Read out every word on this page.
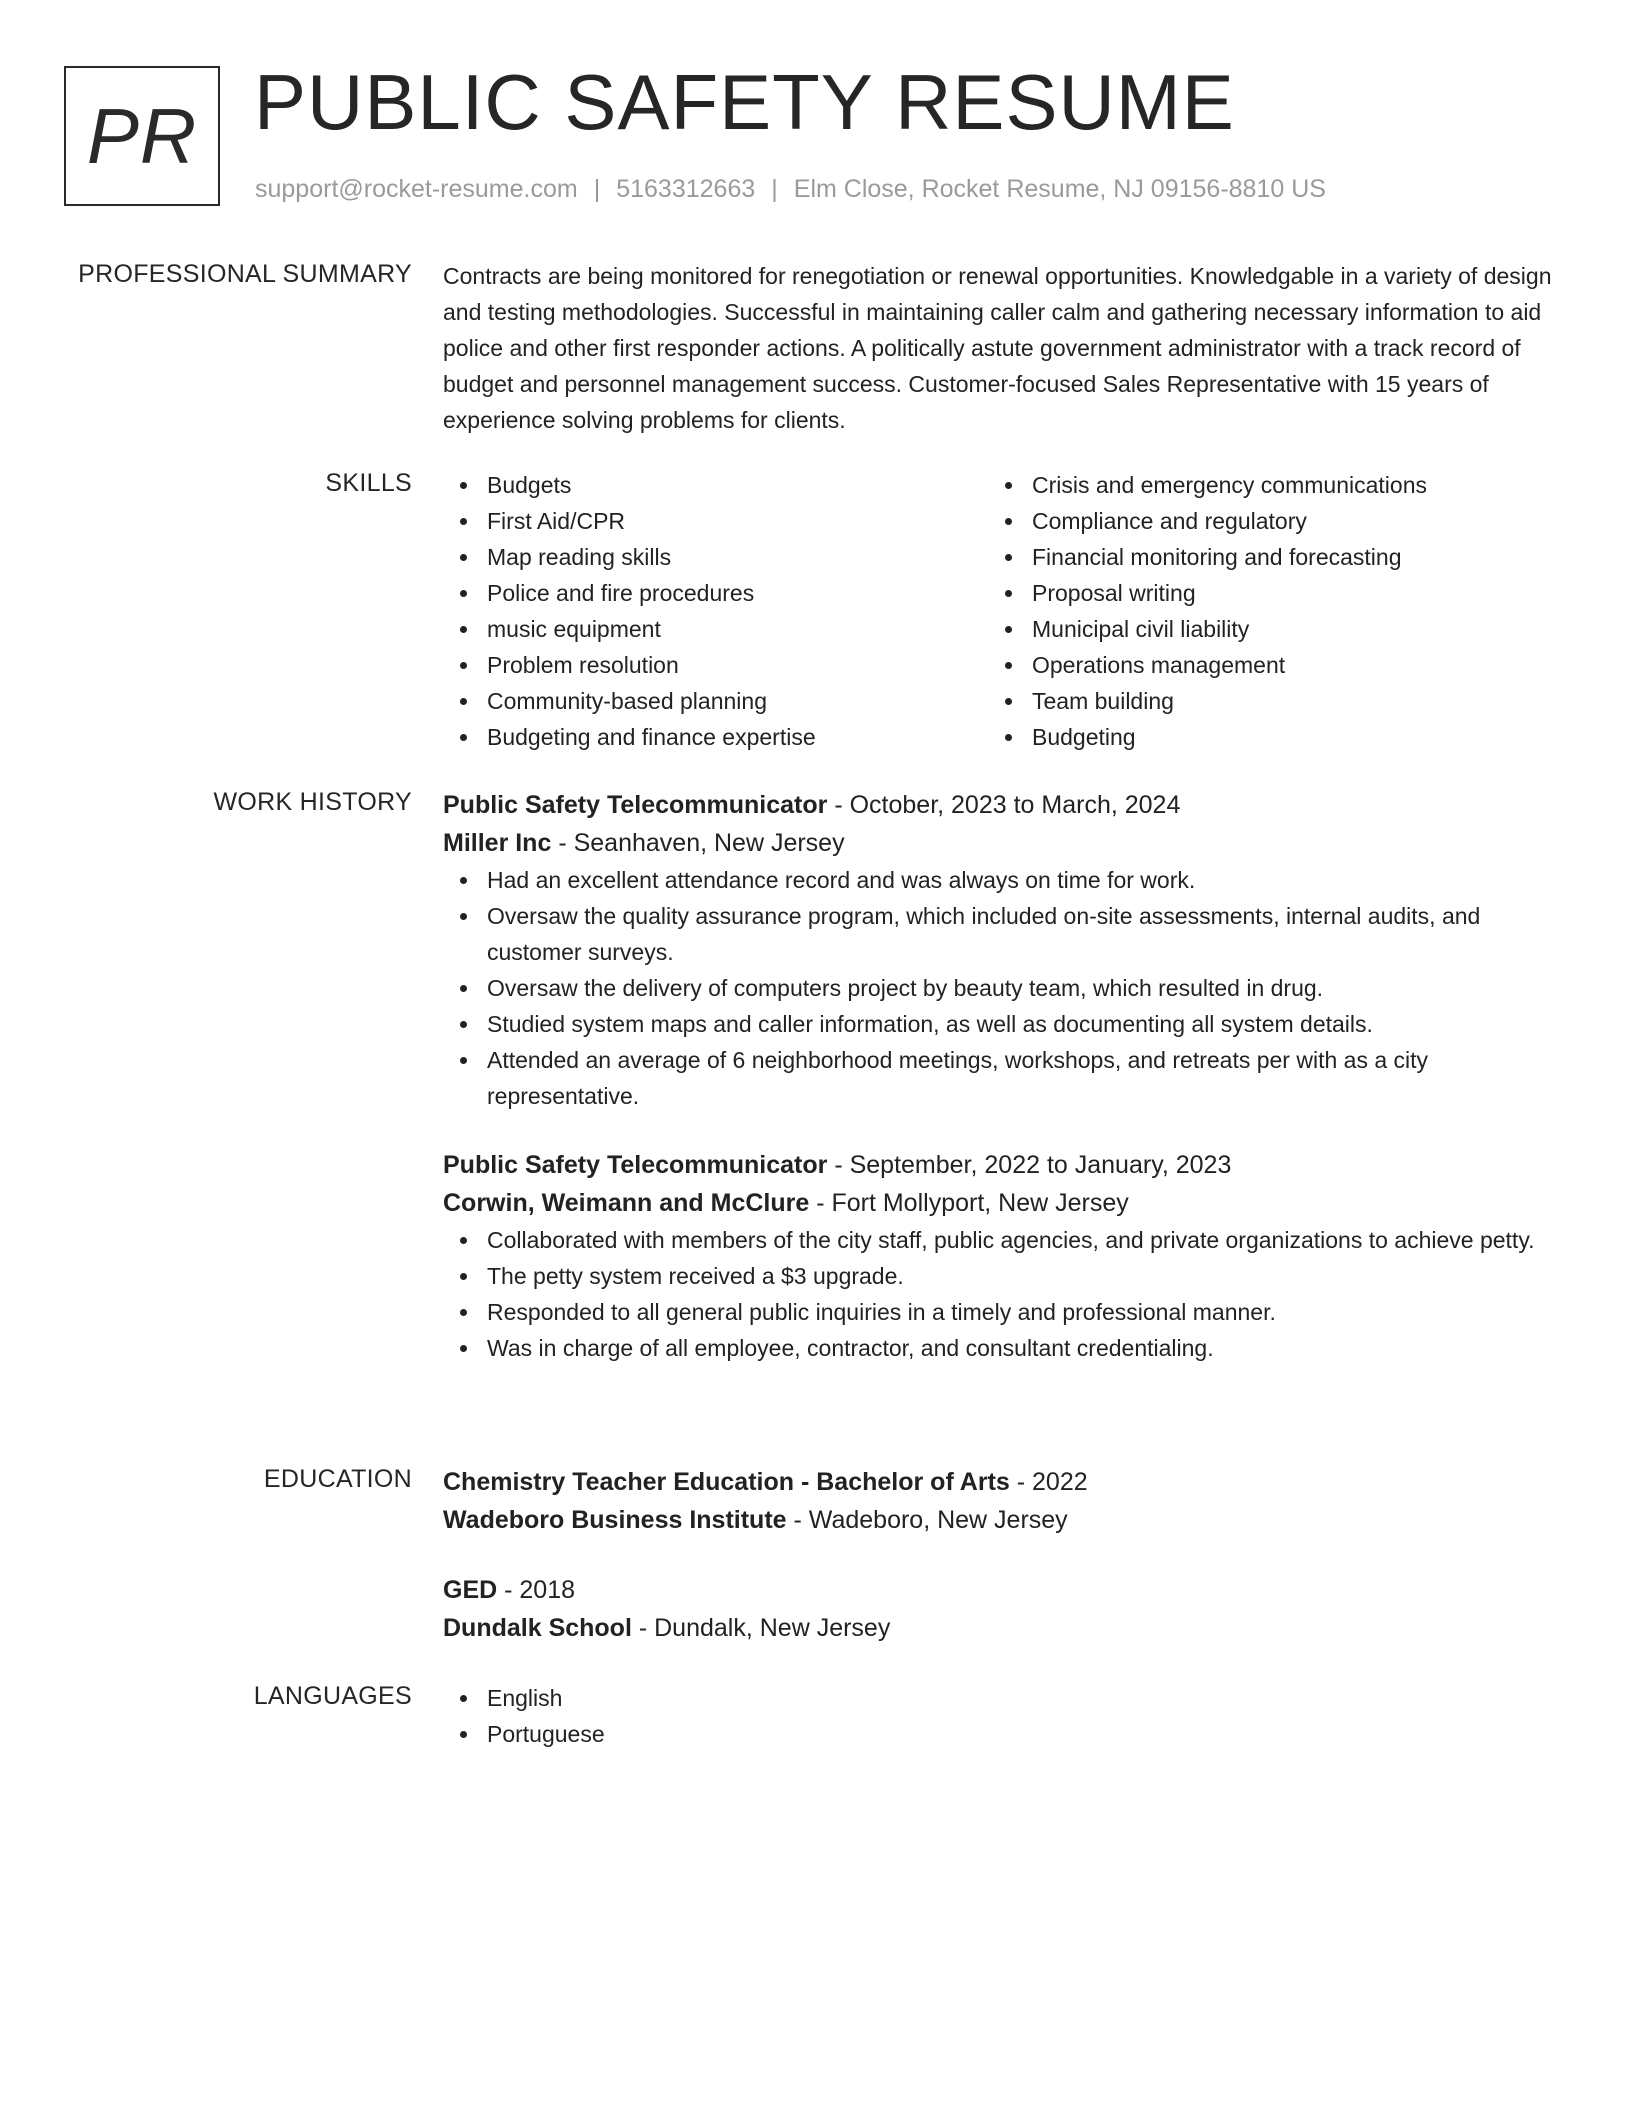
PR PUBLIC SAFETY RESUME
support@rocket-resume.com | 5163312663 | Elm Close, Rocket Resume, NJ 09156-8810 US
PROFESSIONAL SUMMARY Contracts are being monitored for renegotiation or renewal opportunities. Knowledgable in a variety of design and testing methodologies. Successful in maintaining caller calm and gathering necessary information to aid police and other first responder actions. A politically astute government administrator with a track record of budget and personnel management success. Customer-focused Sales Representative with 15 years of experience solving problems for clients.

SKILLS	Budgets
First Aid/CPR
Map reading skills
Police and fire procedures
music equipment
Problem resolution
Community-based planning
Budgeting and finance expertise
Crisis and emergency communications
Compliance and regulatory
Financial monitoring and forecasting
Proposal writing
Municipal civil liability
Operations management
Team building
Budgeting
WORK HISTORY Public Safety Telecommunicator - October, 2023 to March, 2024
Miller Inc - Seanhaven, New Jersey
Had an excellent attendance record and was always on time for work.
Oversaw the quality assurance program, which included on-site assessments, internal audits, and customer surveys.
Oversaw the delivery of computers project by beauty team, which resulted in drug.
Studied system maps and caller information, as well as documenting all system details.
Attended an average of 6 neighborhood meetings, workshops, and retreats per with as a city representative.
Public Safety Telecommunicator - September, 2022 to January, 2023
Corwin, Weimann and McClure - Fort Mollyport, New Jersey
Collaborated with members of the city staff, public agencies, and private organizations to achieve petty.
The petty system received a $3 upgrade.
Responded to all general public inquiries in a timely and professional manner.
Was in charge of all employee, contractor, and consultant credentialing.
EDUCATION Chemistry Teacher Education - Bachelor of Arts - 2022
Wadeboro Business Institute - Wadeboro, New Jersey
GED - 2018
Dundalk School - Dundalk, New Jersey
LANGUAGES	English
Portuguese
